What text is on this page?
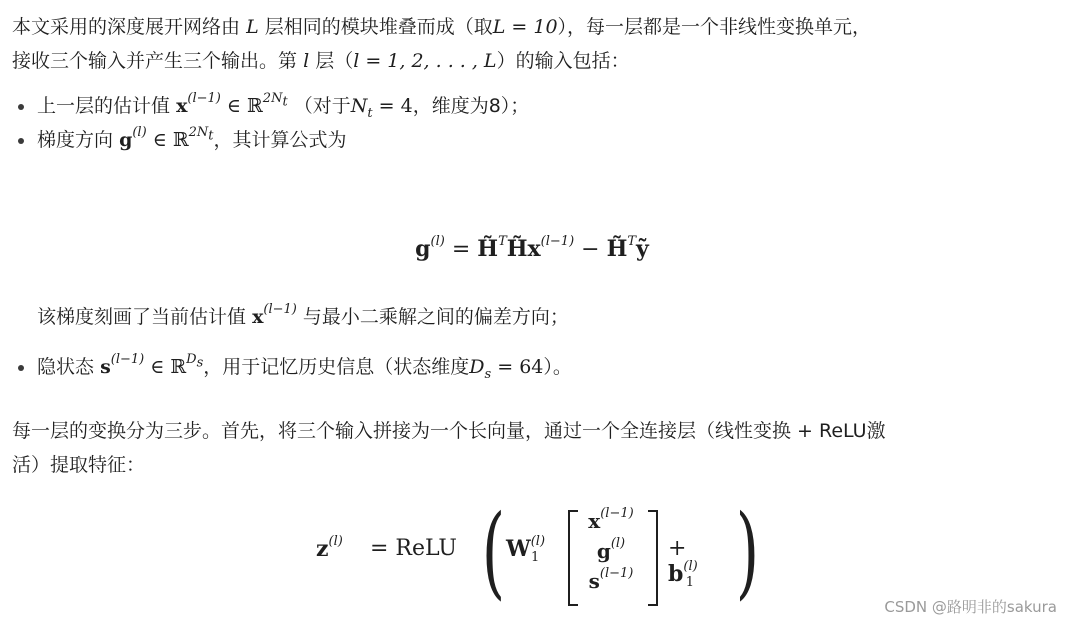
本文采用的深度展开网络由 L 层相同的模块堆叠而成（取L = 10），每一层都是一个非线性变换单元，
接收三个输入并产生三个输出。第 l 层（l = 1, 2, . . . , L）的输入包括：

上一层的估计值 $x^{(l-1)}$ ∈ ℝ$^{2N_t}$ （对于$N_t = 4$，维度为8）；
梯度方向 $g^{(l)}$ ∈ ℝ$^{2N_t}$，其计算公式为
$g^{(l)}$ = $H̃^TH̃x^{(l-1)}$ − H̃$^T$ỹ
该梯度刻画了当前估计值 $x^{(l-1)}$ 与最小二乘解之间的偏差方向；
隐状态 $s^{(l-1)}$ ∈ ℝ$^{D_s}$，用于记忆历史信息（状态维度$D_s = 64$）。

每一层的变换分为三步。首先，将三个输入拼接为一个长向量，通过一个全连接层（线性变换 + ReLU激
活）提取特征：

$z^{(l)}$ = ReLU ( $W^{(l)}_1$
$x^{(l-1)}$
$g^{(l)}$
$s^{(l-1)}$
+ $b^{(l)}_1$ )	CSDN @路明非的sakura
